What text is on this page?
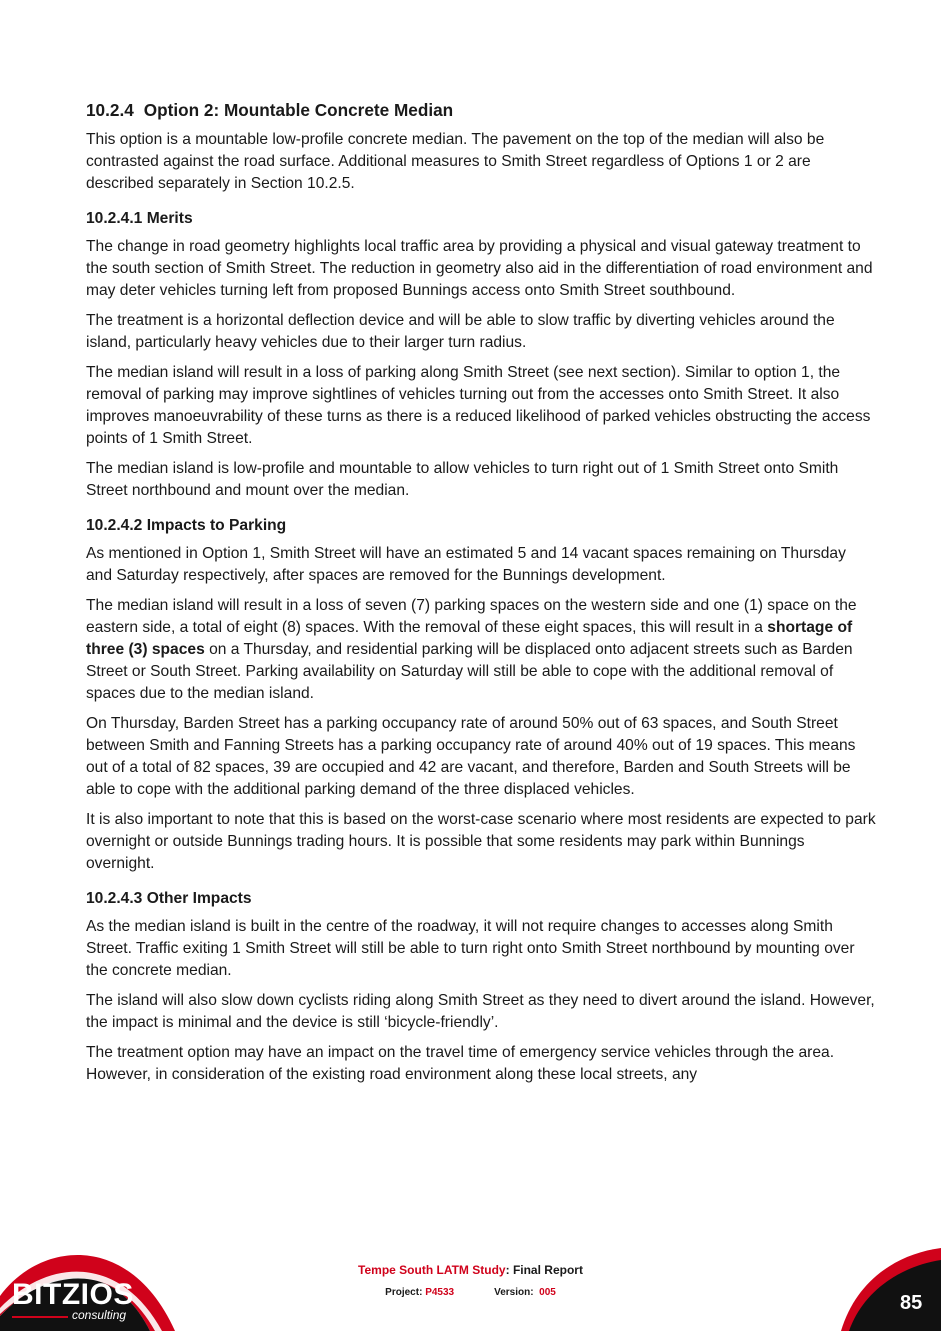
10.2.4 Option 2: Mountable Concrete Median

This option is a mountable low-profile concrete median. The pavement on the top of the median will also be contrasted against the road surface. Additional measures to Smith Street regardless of Options 1 or 2 are described separately in Section 10.2.5.

10.2.4.1 Merits

The change in road geometry highlights local traffic area by providing a physical and visual gateway treatment to the south section of Smith Street. The reduction in geometry also aid in the differentiation of road environment and may deter vehicles turning left from proposed Bunnings access onto Smith Street southbound.

The treatment is a horizontal deflection device and will be able to slow traffic by diverting vehicles around the island, particularly heavy vehicles due to their larger turn radius.

The median island will result in a loss of parking along Smith Street (see next section). Similar to option 1, the removal of parking may improve sightlines of vehicles turning out from the accesses onto Smith Street. It also improves manoeuvrability of these turns as there is a reduced likelihood of parked vehicles obstructing the access points of 1 Smith Street.

The median island is low-profile and mountable to allow vehicles to turn right out of 1 Smith Street onto Smith Street northbound and mount over the median.

10.2.4.2 Impacts to Parking

As mentioned in Option 1, Smith Street will have an estimated 5 and 14 vacant spaces remaining on Thursday and Saturday respectively, after spaces are removed for the Bunnings development.

The median island will result in a loss of seven (7) parking spaces on the western side and one (1) space on the eastern side, a total of eight (8) spaces. With the removal of these eight spaces, this will result in a shortage of three (3) spaces on a Thursday, and residential parking will be displaced onto adjacent streets such as Barden Street or South Street. Parking availability on Saturday will still be able to cope with the additional removal of spaces due to the median island.

On Thursday, Barden Street has a parking occupancy rate of around 50% out of 63 spaces, and South Street between Smith and Fanning Streets has a parking occupancy rate of around 40% out of 19 spaces. This means out of a total of 82 spaces, 39 are occupied and 42 are vacant, and therefore, Barden and South Streets will be able to cope with the additional parking demand of the three displaced vehicles.

It is also important to note that this is based on the worst-case scenario where most residents are expected to park overnight or outside Bunnings trading hours. It is possible that some residents may park within Bunnings overnight.

10.2.4.3 Other Impacts

As the median island is built in the centre of the roadway, it will not require changes to accesses along Smith Street. Traffic exiting 1 Smith Street will still be able to turn right onto Smith Street northbound by mounting over the concrete median.

The island will also slow down cyclists riding along Smith Street as they need to divert around the island. However, the impact is minimal and the device is still ‘bicycle-friendly’.

The treatment option may have an impact on the travel time of emergency service vehicles through the area. However, in consideration of the existing road environment along these local streets, any

BITZIOS
consulting
Tempe South LATM Study: Final Report
Project: P4533	Version: 005	85
